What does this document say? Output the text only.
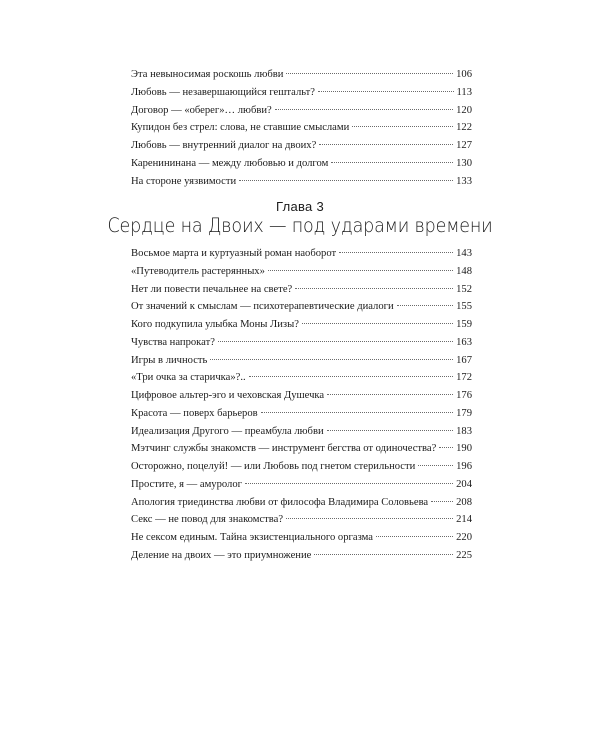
Эта невыносимая роскошь любви	106
Любовь — незавершающийся гештальт?	113
Договор — «оберег»… любви?	120
Купидон без стрел: слова, не ставшие смыслами	122
Любовь — внутренний диалог на двоих?	127
Каренининана — между любовью и долгом	130
На стороне уязвимости	133
Глава 3
Сердце на Двоих — под ударами времени
Восьмое марта и куртуазный роман наоборот	143
«Путеводитель растерянных»	148
Нет ли повести печальнее на свете?	152
От значений к смыслам — психотерапевтические диалоги	155
Кого подкупила улыбка Моны Лизы?	159
Чувства напрокат?	163
Игры в личность	167
«Три очка за старичка»?..	172
Цифровое альтер-эго и чеховская Душечка	176
Красота — поверх барьеров	179
Идеализация Другого — преамбула любви	183
Мэтчинг службы знакомств — инструмент бегства от одиночества? 190
Осторожно, поцелуй! — или Любовь под гнетом стерильности	196
Простите, я — амуролог	204
Апология триединства любви от философа Владимира Соловьева	208
Секс — не повод для знакомства?	214
Не сексом единым. Тайна экзистенциального оргазма	220
Деление на двоих — это приумножение	225
